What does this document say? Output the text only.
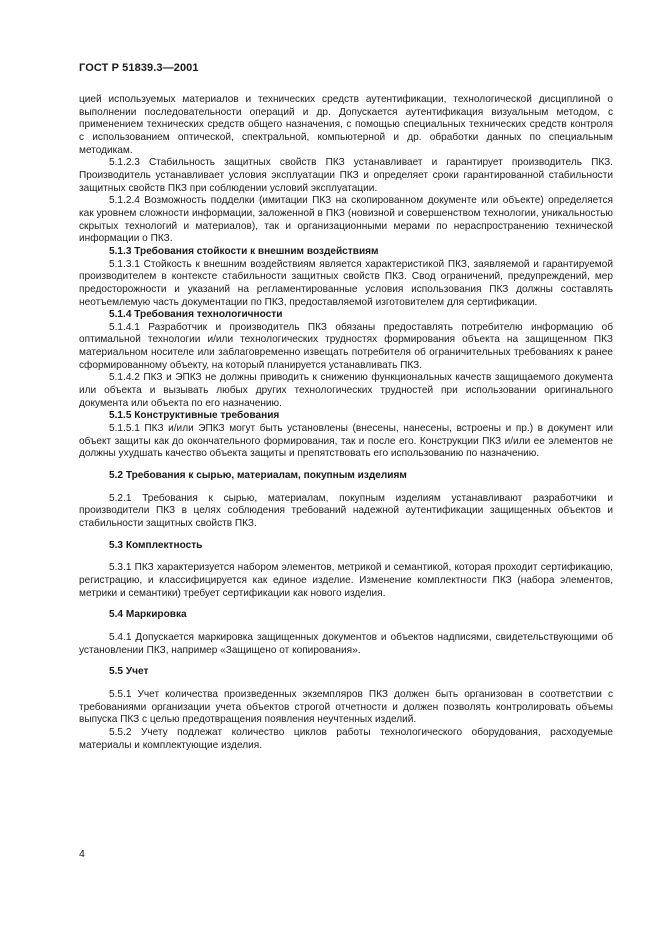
ГОСТ Р 51839.3—2001

цией используемых материалов и технических средств аутентификации, технологической дисциплиной о выполнении последовательности операций и др. Допускается аутентификация визуальным методом, с применением технических средств общего назначения, с помощью специальных технических средств контроля с использованием оптической, спектральной, компьютерной и др. обработки данных по специальным методикам.

5.1.2.3 Стабильность защитных свойств ПКЗ устанавливает и гарантирует производитель ПКЗ. Производитель устанавливает условия эксплуатации ПКЗ и определяет сроки гарантированной стабильности защитных свойств ПКЗ при соблюдении условий эксплуатации.

5.1.2.4 Возможность подделки (имитации ПКЗ на скопированном документе или объекте) определяется как уровнем сложности информации, заложенной в ПКЗ (новизной и совершенством технологии, уникальностью скрытых технологий и материалов), так и организационными мерами по нераспространению технической информации о ПКЗ.

5.1.3 Требования стойкости к внешним воздействиям

5.1.3.1 Стойкость к внешним воздействиям является характеристикой ПКЗ, заявляемой и гарантируемой производителем в контексте стабильности защитных свойств ПКЗ. Свод ограничений, предупреждений, мер предосторожности и указаний на регламентированные условия использования ПКЗ должны составлять неотъемлемую часть документации по ПКЗ, предоставляемой изготовителем для сертификации.

5.1.4 Требования технологичности

5.1.4.1 Разработчик и производитель ПКЗ обязаны предоставлять потребителю информацию об оптимальной технологии и/или технологических трудностях формирования объекта на защищенном ПКЗ материальном носителе или заблаговременно извещать потребителя об ограничительных требованиях к ранее сформированному объекту, на который планируется устанавливать ПКЗ.

5.1.4.2 ПКЗ и ЭПКЗ не должны приводить к снижению функциональных качеств защищаемого документа или объекта и вызывать любых других технологических трудностей при использовании оригинального документа или объекта по его назначению.

5.1.5 Конструктивные требования

5.1.5.1 ПКЗ и/или ЭПКЗ могут быть установлены (внесены, нанесены, встроены и пр.) в документ или объект защиты как до окончательного формирования, так и после его. Конструкции ПКЗ и/или ее элементов не должны ухудшать качество объекта защиты и препятствовать его использованию по назначению.

5.2 Требования к сырью, материалам, покупным изделиям

5.2.1 Требования к сырью, материалам, покупным изделиям устанавливают разработчики и производители ПКЗ в целях соблюдения требований надежной аутентификации защищенных объектов и стабильности защитных свойств ПКЗ.

5.3 Комплектность

5.3.1 ПКЗ характеризуется набором элементов, метрикой и семантикой, которая проходит сертификацию, регистрацию, и классифицируется как единое изделие. Изменение комплектности ПКЗ (набора элементов, метрики и семантики) требует сертификации как нового изделия.

5.4 Маркировка

5.4.1 Допускается маркировка защищенных документов и объектов надписями, свидетельствующими об установлении ПКЗ, например «Защищено от копирования».

5.5 Учет

5.5.1 Учет количества произведенных экземпляров ПКЗ должен быть организован в соответствии с требованиями организации учета объектов строгой отчетности и должен позволять контролировать объемы выпуска ПКЗ с целью предотвращения появления неучтенных изделий.

5.5.2 Учету подлежат количество циклов работы технологического оборудования, расходуемые материалы и комплектующие изделия.

4
